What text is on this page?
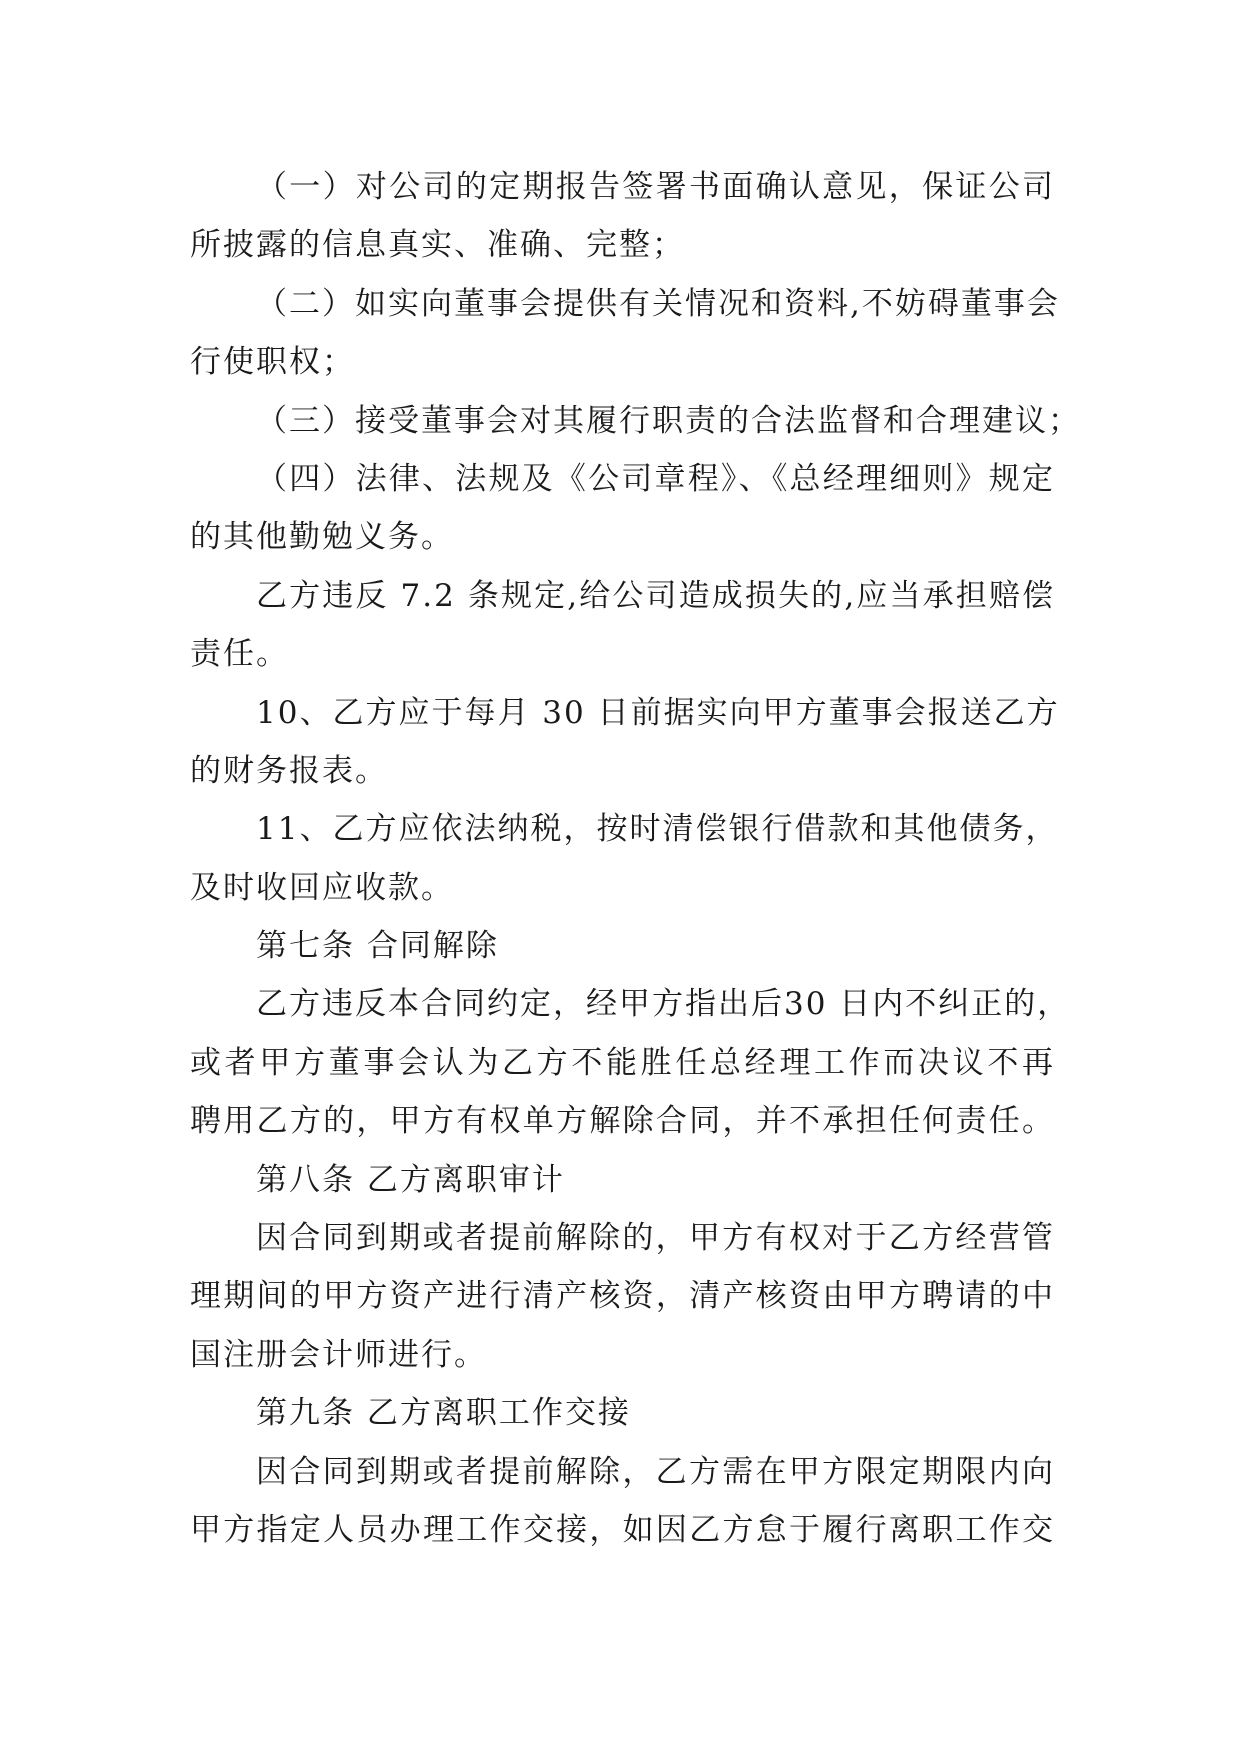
（一）对公司的定期报告签署书面确认意见，保证公司
所披露的信息真实、准确、完整；
（二）如实向董事会提供有关情况和资料,不妨碍董事会
行使职权；
（三）接受董事会对其履行职责的合法监督和合理建议；
（四）法律、法规及《公司章程》、《总经理细则》规定
的其他勤勉义务。
乙方违反 7.2 条规定,给公司造成损失的,应当承担赔偿
责任。
10、乙方应于每月 30 日前据实向甲方董事会报送乙方
的财务报表。
11、乙方应依法纳税，按时清偿银行借款和其他债务，
及时收回应收款。
第七条 合同解除
乙方违反本合同约定，经甲方指出后30 日内不纠正的，
或者甲方董事会认为乙方不能胜任总经理工作而决议不再
聘用乙方的，甲方有权单方解除合同，并不承担任何责任。
第八条 乙方离职审计
因合同到期或者提前解除的，甲方有权对于乙方经营管
理期间的甲方资产进行清产核资，清产核资由甲方聘请的中
国注册会计师进行。
第九条 乙方离职工作交接
因合同到期或者提前解除，乙方需在甲方限定期限内向
甲方指定人员办理工作交接，如因乙方怠于履行离职工作交
